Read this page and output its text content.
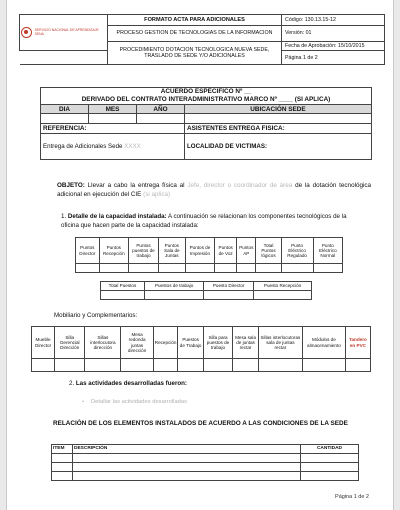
SERVICIO NACIONAL DE APRENDIZAJE SENA	FORMATO ACTA PARA ADICIONALES	Código: 130.13.15-12
	PROCESO GESTION DE TECNOLOGIAS DE LA INFORMACION	Versión: 01
	PROCEDIMIENTO DOTACION TECNOLOGICA NUEVA SEDE, TRASLADO DE SEDE Y/O ADICIONALES	Fecha de Aprobación: 15/10/2015
		Página 1 de 2
ACUERDO ESPECIFICO Nº __			
DERIVADO DEL CONTRATO INTERADMINISTRATIVO MARCO Nº ____ (SI APLICA)			
DIA	MES	AÑO	UBICACIÓN SEDE

REFERENCIA:			ASISTENTES ENTREGA FISICA:
Entrega de Adicionales Sede XXXX			LOCALIDAD DE VICTIMAS:
OBJETO: Llevar a cabo la entrega física al Jefe, director o coordinador de área de la dotación tecnológica adicional en ejecución del CIE (si aplica)
1. Detalle de la capacidad instalada: A continuación se relacionan los componentes tecnológicos de la oficina que hacen parte de la capacidad instalada:
Puntos Director	Puntos Recepción	Puntos puestos de trabajo	Puntos Sala de Juntas	Puntos de Impresión	Puntos de Voz	Puntos AP	Total Puntos lógicos	Punto Eléctrico Regulado	Punto Eléctrico Normal

Total Puestos	Puestos de trabajo	Puesto Director	Puesto Recepción

Mobiliario y Complementarios:
Mueble Director	Silla Gerencial Dirección	Sillas interlocutora dirección	Mesa redonda juntas dirección	Recepción	Puestos de Trabajo	Silla para puestos de trabajo	Mesa sala de juntas rectar	Sillas interlocutoras sala de juntas rectar	Módulos de almacenamiento	Tandero en PVC

2. Las actividades desarrolladas fueron:
• Detallar las actividades desarrolladas
RELACIÓN DE LOS ELEMENTOS INSTALADOS DE ACUERDO A LAS CONDICIONES DE LA SEDE
ITEM	DESCRIPCIÓN	CANTIDAD

Página 1 de 2
